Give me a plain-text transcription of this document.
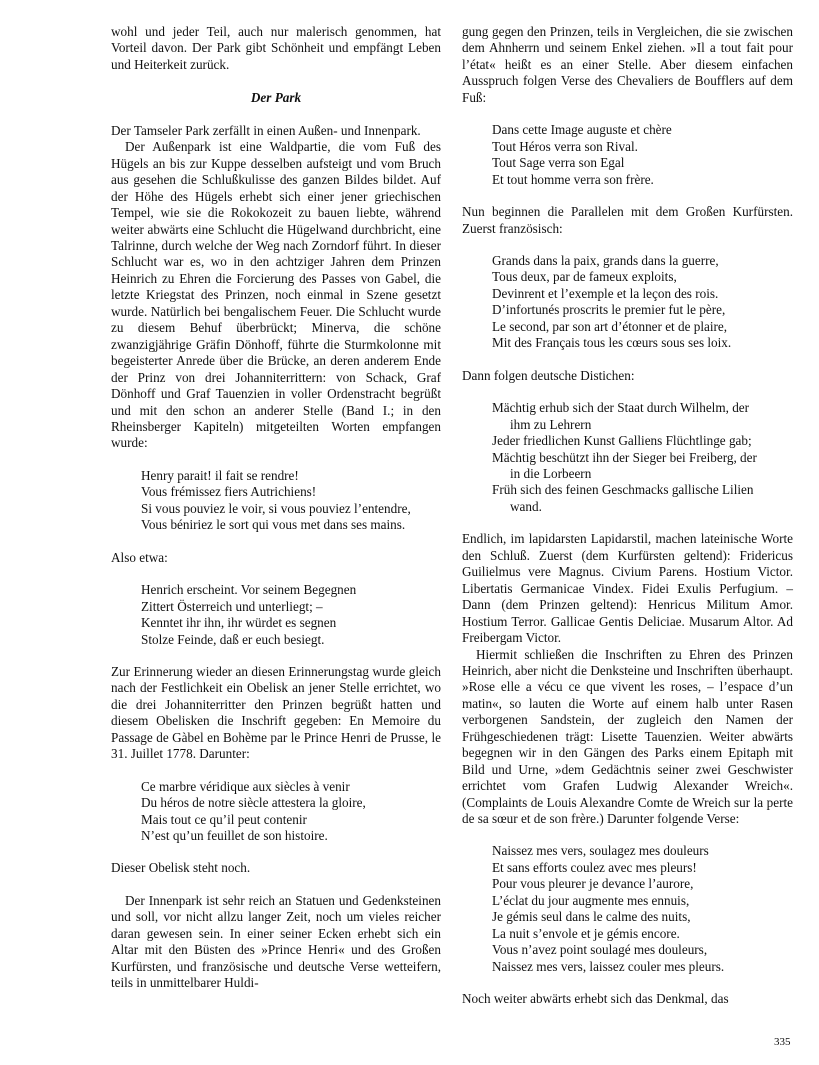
wohl und jeder Teil, auch nur malerisch genommen, hat Vorteil davon. Der Park gibt Schönheit und empfängt Leben und Heiterkeit zurück.

Der Park

Der Tamseler Park zerfällt in einen Außen- und Innenpark.

Der Außenpark ist eine Waldpartie, die vom Fuß des Hügels an bis zur Kuppe desselben aufsteigt und vom Bruch aus gesehen die Schlußkulisse des ganzen Bildes bildet. Auf der Höhe des Hügels erhebt sich einer jener griechischen Tempel, wie sie die Rokokozeit zu bauen liebte, während weiter abwärts eine Schlucht die Hügelwand durchbricht, eine Talrinne, durch welche der Weg nach Zorndorf führt. In dieser Schlucht war es, wo in den achtziger Jahren dem Prinzen Heinrich zu Ehren die Forcierung des Passes von Gabel, die letzte Kriegstat des Prinzen, noch einmal in Szene gesetzt wurde. Natürlich bei bengalischem Feuer. Die Schlucht wurde zu diesem Behuf überbrückt; Minerva, die schöne zwanzigjährige Gräfin Dönhoff, führte die Sturmkolonne mit begeisterter Anrede über die Brücke, an deren anderem Ende der Prinz von drei Johanniterrittern: von Schack, Graf Dönhoff und Graf Tauenzien in voller Ordenstracht begrüßt und mit den schon an anderer Stelle (Band I.; in den Rheinsberger Kapiteln) mitgeteilten Worten empfangen wurde:

Henry parait! il fait se rendre!
Vous frémissez fiers Autrichiens!
Si vous pouviez le voir, si vous pouviez l’entendre,
Vous béniriez le sort qui vous met dans ses mains.

Also etwa:

Henrich erscheint. Vor seinem Begegnen
Zittert Österreich und unterliegt; –
Kenntet ihr ihn, ihr würdet es segnen
Stolze Feinde, daß er euch besiegt.

Zur Erinnerung wieder an diesen Erinnerungstag wurde gleich nach der Festlichkeit ein Obelisk an jener Stelle errichtet, wo die drei Johanniterritter den Prinzen begrüßt hatten und diesem Obelisken die Inschrift gegeben: En Memoire du Passage de Gàbel en Bohème par le Prince Henri de Prusse, le 31. Juillet 1778. Darunter:

Ce marbre véridique aux siècles à venir
Du héros de notre siècle attestera la gloire,
Mais tout ce qu’il peut contenir
N’est qu’un feuillet de son histoire.

Dieser Obelisk steht noch.

Der Innenpark ist sehr reich an Statuen und Gedenksteinen und soll, vor nicht allzu langer Zeit, noch um vieles reicher daran gewesen sein. In einer seiner Ecken erhebt sich ein Altar mit den Büsten des »Prince Henri« und des Großen Kurfürsten, und französische und deutsche Verse wetteifern, teils in unmittelbarer Huldi-

gung gegen den Prinzen, teils in Vergleichen, die sie zwischen dem Ahnherrn und seinem Enkel ziehen. »Il a tout fait pour l’état« heißt es an einer Stelle. Aber diesem einfachen Ausspruch folgen Verse des Chevaliers de Boufflers auf dem Fuß:

Dans cette Image auguste et chère
Tout Héros verra son Rival.
Tout Sage verra son Egal
Et tout homme verra son frère.

Nun beginnen die Parallelen mit dem Großen Kurfürsten. Zuerst französisch:

Grands dans la paix, grands dans la guerre,
Tous deux, par de fameux exploits,
Devinrent et l’exemple et la leçon des rois.
D’infortunés proscrits le premier fut le père,
Le second, par son art d’étonner et de plaire,
Mit des Français tous les cœurs sous ses loix.

Dann folgen deutsche Distichen:

Mächtig erhub sich der Staat durch Wilhelm, der
ihm zu Lehrern
Jeder friedlichen Kunst Galliens Flüchtlinge gab;
Mächtig beschützt ihn der Sieger bei Freiberg, der
in die Lorbeern
Früh sich des feinen Geschmacks gallische Lilien
wand.

Endlich, im lapidarsten Lapidarstil, machen lateinische Worte den Schluß. Zuerst (dem Kurfürsten geltend): Fridericus Guilielmus vere Magnus. Civium Parens. Hostium Victor. Libertatis Germanicae Vindex. Fidei Exulis Perfugium. – Dann (dem Prinzen geltend): Henricus Militum Amor. Hostium Terror. Gallicae Gentis Deliciae. Musarum Altor. Ad Freibergam Victor.

Hiermit schließen die Inschriften zu Ehren des Prinzen Heinrich, aber nicht die Denksteine und Inschriften überhaupt. »Rose elle a vécu ce que vivent les roses, – l’espace d’un matin«, so lauten die Worte auf einem halb unter Rasen verborgenen Sandstein, der zugleich den Namen der Frühgeschiedenen trägt: Lisette Tauenzien. Weiter abwärts begegnen wir in den Gängen des Parks einem Epitaph mit Bild und Urne, »dem Gedächtnis seiner zwei Geschwister errichtet vom Grafen Ludwig Alexander Wreich«. (Complaints de Louis Alexandre Comte de Wreich sur la perte de sa sœur et de son frère.) Darunter folgende Verse:

Naissez mes vers, soulagez mes douleurs
Et sans efforts coulez avec mes pleurs!
Pour vous pleurer je devance l’aurore,
L’éclat du jour augmente mes ennuis,
Je gémis seul dans le calme des nuits,
La nuit s’envole et je gémis encore.
Vous n’avez point soulagé mes douleurs,
Naissez mes vers, laissez couler mes pleurs.

Noch weiter abwärts erhebt sich das Denkmal, das

335
